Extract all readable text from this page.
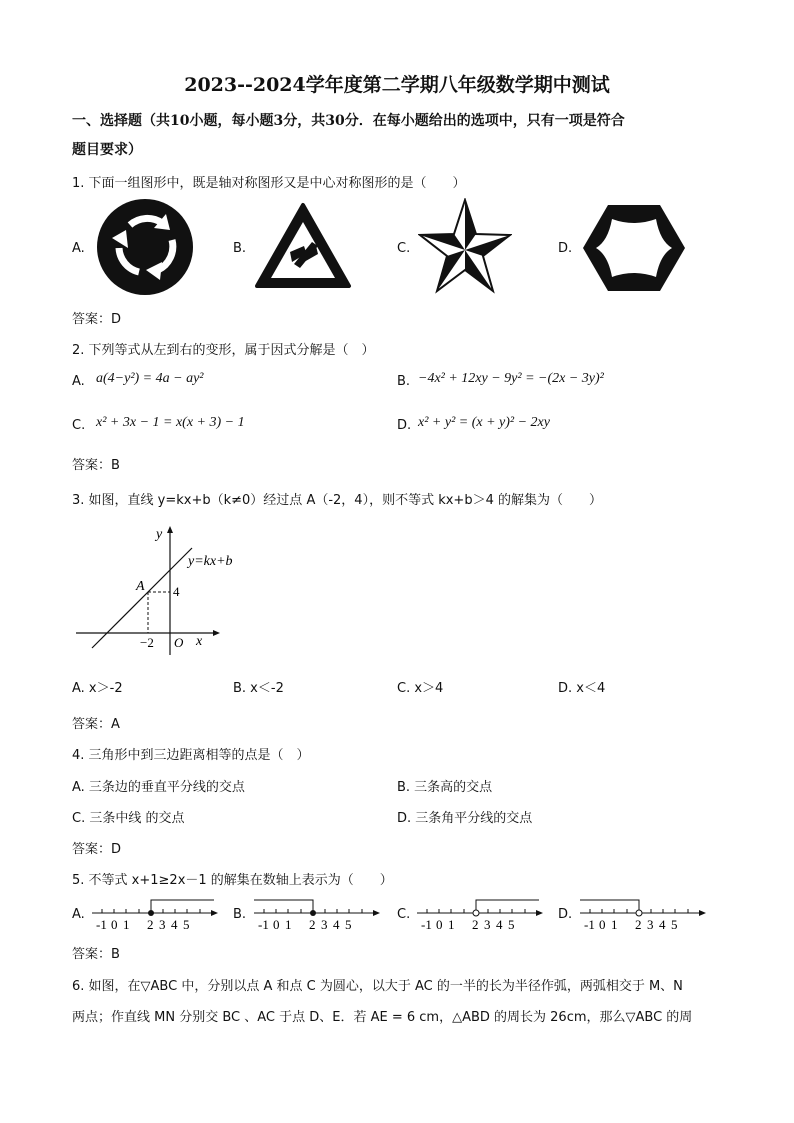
2023--2024学年度第二学期八年级数学期中测试
一、选择题（共10小题，每小题3分，共30分．在每小题给出的选项中，只有一项是符合
题目要求）
1. 下面一组图形中，既是轴对称图形又是中心对称图形的是（　　）
A.	B.	C.	D.
答案：D
2. 下列等式从左到右的变形，属于因式分解是（　）
A. a(4−y²) = 4a − ay²	B. −4x² + 12xy − 9y² = −(2x − 3y)²
C. x² + 3x − 1 = x(x + 3) − 1	D. x² + y² = (x + y)² − 2xy
答案：B
3. 如图，直线 y=kx+b（k≠0）经过点 A（-2，4），则不等式 kx+b＞4 的解集为（　　）
y
x
y=kx+b
A 4
−2 O
A. x＞-2	B. x＜-2	C. x＞4	D. x＜4
答案：A
4. 三角形中到三边距离相等的点是（　）
A. 三条边的垂直平分线的交点	B. 三条高的交点
C. 三条中线 的交点	D. 三条角平分线的交点
答案：D
5. 不等式 x+1≥2x－1 的解集在数轴上表示为（　　）
A.
-1 0 1 2 3 4 5
B.
-1 0 1 2 3 4 5
C.
-1 0 1 2 3 4 5
D.
-1 0 1 2 3 4 5
答案：B
6. 如图，在▽ABC 中，分别以点 A 和点 C 为圆心，以大于 AC 的一半的长为半径作弧，两弧相交于 M、N
两点；作直线 MN 分别交 BC 、AC 于点 D、E．若 AE = 6 cm，△ABD 的周长为 26cm，那么▽ABC 的周
